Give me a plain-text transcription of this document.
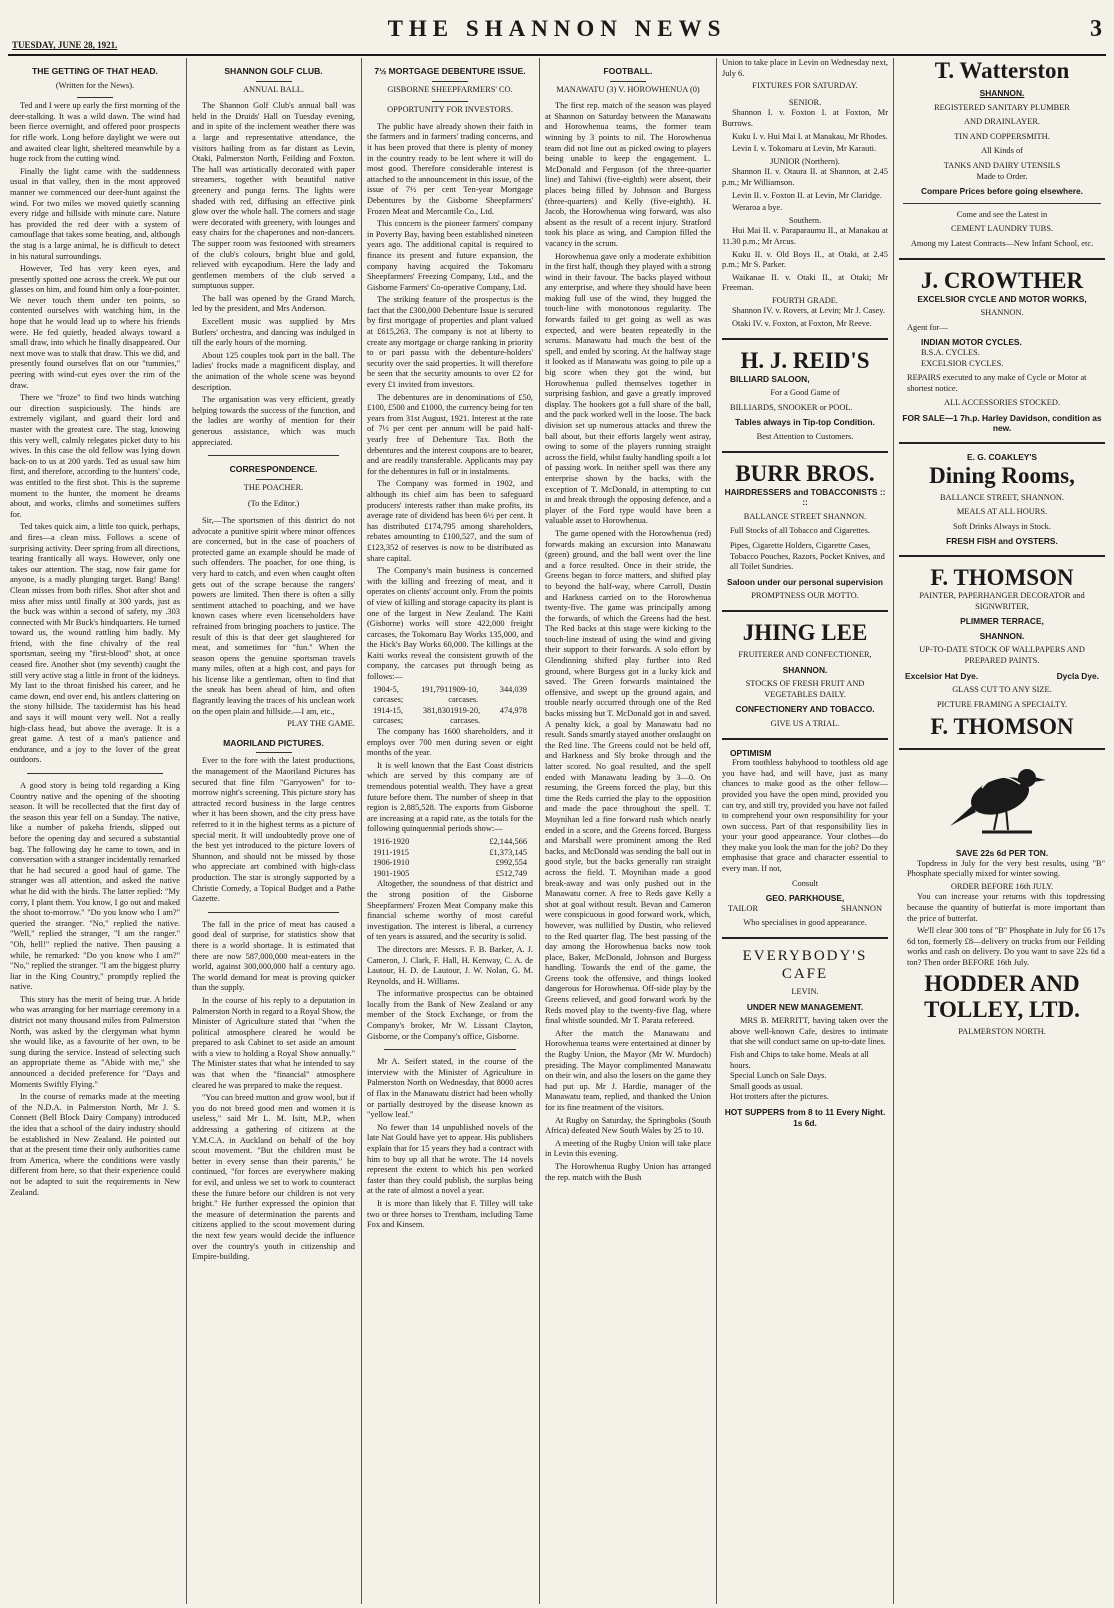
TUESDAY, JUNE 28, 1921.
THE SHANNON NEWS	3
THE GETTING OF THAT HEAD.
(Written for the News).

Ted and I were up early the first morning of the deer-stalking. It was a wild dawn. The wind had been fierce overnight, and offered poor prospects for rifle work. Long before daylight we were out and awaited clear light, sheltered meanwhile by a huge rock from the cutting wind.

Finally the light came with the suddenness usual in that valley, then in the most approved manner we commenced our deer-hunt against the wind. For two miles we moved quietly scanning every ridge and hillside with minute care. Nature has provided the red deer with a system of camouflage that takes some beating, and, although the stag is a large animal, he is difficult to detect in his natural surroundings.

However, Ted has very keen eyes, and presently spotted one across the creek. We put our glasses on him, and found him only a four-pointer. We never touch them under ten points, so contented ourselves with watching him, in the hope that he would lead up to where his friends were. He fed quietly, headed always toward a small draw, into which he finally disappeared. Our next move was to stalk that draw. This we did, and presently found ourselves flat on our "tummies," peering with wind-cut eyes over the rim of the draw.

There we "froze" to find two hinds watching our direction suspiciously. The hinds are extremely vigilant, and guard their lord and master with the greatest care. The stag, knowing this very well, calmly relegates picket duty to his wives. In this case the old fellow was lying down back-on to us at 200 yards. Ted as usual saw him first, and therefore, according to the hunters' code, was entitled to the first shot. This is the supreme moment to the hunter, the moment he dreams about, and works, climbs and sometimes suffers for.

Ted takes quick aim, a little too quick, perhaps, and fires—a clean miss. Follows a scene of surprising activity. Deer spring from all directions, tearing frantically all ways. However, only one takes our attention. The stag, now fair game for anyone, is a madly plunging target. Bang! Bang! Clean misses from both rifles. Shot after shot and miss after miss until finally at 300 yards, just as the buck was within a second of safety, my .303 connected with Mr Buck's hindquarters. He turned toward us, the wound rattling him badly. My friend, with the fine chivalry of the real sportsman, seeing my "first-blood" shot, at once ceased fire. Another shot (my seventh) caught the still very active stag a little in front of the kidneys. My last to the throat finished his career, and he came down, end over end, his antlers clattering on the stony hillside. The taxidermist has his head and says it will mount very well. Not a really high-class head, but above the average. It is a great game. A test of a man's patience and endurance, and a joy to the lover of the great outdoors.

A good story is being told regarding a King Country native and the opening of the shooting season. It will be recollected that the first day of the season this year fell on a Sunday. The native, like a number of pakeha friends, slipped out before the opening day and secured a substantial bag. The following day he came to town, and in conversation with a stranger incidentally remarked that he had secured a good haul of game. The stranger was all attention, and asked the native what he did with the birds. The latter replied: "My corry, I plant them. You know, I go out and maked the shoot to-morrow." "Do you know who I am?" queried the stranger. "No," replied the native. "Well," replied the stranger, "I am the ranger." "Oh, hell!" replied the native. Then pausing a while, he remarked: "Do you know who I am?" "No," replied the stranger. "I am the biggest plurry liar in the King Country," promptly replied the native.

This story has the merit of being true. A bride who was arranging for her marriage ceremony in a district not many thousand miles from Palmerston North, was asked by the clergyman what hymn she would like, as a favourite of her own, to be sung during the service. Instead of selecting such an appropriate theme as "Abide with me," she announced a decided preference for "Days and Moments Swiftly Flying."

In the course of remarks made at the meeting of the N.D.A. in Palmerston North, Mr J. S. Connett (Bell Block Dairy Company) introduced the idea that a school of the dairy industry should be established in New Zealand. He pointed out that at the present time their only authorities came from America, where the conditions were vastly different from here, so that their experience could not be adapted to suit the requirements in New Zealand.

SHANNON GOLF CLUB.
ANNUAL BALL.

The Shannon Golf Club's annual ball was held in the Druids' Hall on Tuesday evening, and in spite of the inclement weather there was a large and representative attendance, the visitors hailing from as far distant as Levin, Otaki, Palmerston North, Feilding and Foxton. The hall was artistically decorated with paper streamers, together with beautiful native greenery and punga ferns. The lights were shaded with red, diffusing an effective pink glow over the whole hall. The corners and stage were decorated with greenery, with lounges and easy chairs for the chaperones and non-dancers. The supper room was festooned with streamers of the club's colours, bright blue and gold, relieved with eycapodium. Here the lady and gentlemen members of the club served a sumptuous supper.

The ball was opened by the Grand March, led by the president, and Mrs Anderson.

Excellent music was supplied by Mrs Butlers' orchestra, and dancing was indulged in till the early hours of the morning.

About 125 couples took part in the ball. The ladies' frocks made a magnificent display, and the animation of the whole scene was beyond description.

The organisation was very efficient, greatly helping towards the success of the function, and the ladies are worthy of mention for their generous assistance, which was much appreciated.

CORRESPONDENCE.
THE POACHER.
(To the Editor.)

Sir,—The sportsmen of this district do not advocate a punitive spirit where minor offences are concerned, but in the case of poachers of protected game an example should be made of such offenders. The poacher, for one thing, is very hard to catch, and even when caught often gets out of the scrape because the rangers' powers are limited. Then there is often a silly sentiment attached to poaching, and we have known cases where even licenseholders have refrained from bringing poachers to justice. The result of this is that deer get slaughtered for meat, and sometimes for "fun." When the season opens the genuine sportsman travels many miles, often at a high cost, and pays for his license like a gentleman, often to find that the sneak has been ahead of him, and often flagrantly leaving the traces of his unclean work on the open plain and hillside.—I am, etc.,

PLAY THE GAME.

MAORILAND PICTURES.

Ever to the fore with the latest productions, the management of the Maoriland Pictures has secured that fine film "Garryowen" for to-morrow night's screening. This picture story has attracted record business in the large centres wher it has been shown, and the city press have referred to it in the highest terms as a picture of special merit. It will undoubtedly prove one of the best yet introduced to the picture lovers of Shannon, and should not be missed by those who appreciate art combined with high-class production. The star is strongly supported by a Christie Comedy, a Topical Budget and a Pathe Gazette.

The fall in the price of meat has caused a good deal of surprise, for statistics show that there is a world shortage. It is estimated that there are now 587,000,000 meat-eaters in the world, against 300,000,000 half a century ago. The world demand for meat is proving quicker than the supply.

In the course of his reply to a deputation in Palmerston North in regard to a Royal Show, the Minister of Agriculture stated that "when the political atmosphere cleared he would be prepared to ask Cabinet to set aside an amount with a view to holding a Royal Show annually." The Minister states that what he intended to say was that when the "financial" atmosphere cleared he was prepared to make the request.

"You can breed mutton and grow wool, but if you do not breed good men and women it is useless," said Mr L. M. Isitt, M.P., when addressing a gathering of citizens at the Y.M.C.A. in Auckland on behalf of the boy scout movement. "But the children must be better in every sense than their parents," he continued, "for forces are everywhere making for evil, and unless we set to work to counteract these the future before our children is not very bright." He further expressed the opinion that the measure of determination the parents and citizens applied to the scout movement during the next few years would decide the influence over the country's youth in citizenship and Empire-building.

7½ MORTGAGE DEBENTURE ISSUE.
GISBORNE SHEEPFARMERS' CO.
OPPORTUNITY FOR INVESTORS.

The public have already shown their faith in the farmers and in farmers' trading concerns, and it has been proved that there is plenty of money in the country ready to be lent where it will do most good. Therefore considerable interest is attached to the announcement in this issue, of the issue of 7½ per cent Ten-year Mortgage Debentures by the Gisborne Sheepfarmers' Frozen Meat and Mercantile Co., Ltd.

This concern is the pioneer farmers' company in Poverty Bay, having been established nineteen years ago. The additional capital is required to finance its present and future expansion, the company having acquired the Tokomaru Sheepfarmers' Freezing Company, Ltd., and the Gisborne Farmers' Co-operative Company, Ltd.

The striking feature of the prospectus is the fact that the £300,000 Debenture Issue is secured by first mortgage of properties and plant valued at £615,263. The company is not at liberty to create any mortgage or charge ranking in priority to or pari passu with the debenture-holders' security over the said properties. It will therefore be seen that the security amounts to over £2 for every £1 invited from investors.

The debentures are in denominations of £50, £100, £500 and £1000, the currency being for ten years from 31st August, 1921. Interest at the rate of 7½ per cent per annum will be paid half-yearly free of Debenture Tax. Both the debentures and the interest coupons are to bearer, and are readily transferable. Applicants may pay for the debentures in full or in instalments.

The Company was formed in 1902, and although its chief aim has been to safeguard producers' interests rather than make profits, its average rate of dividend has been 6½ per cent. It has distributed £174,795 among shareholders, rebates amounting to £100,527, and the sum of £123,352 of reserves is now to be distributed as share capital.

The Company's main business is concerned with the killing and freezing of meat, and it operates on clients' account only. From the points of view of killing and storage capacity its plant is one of the largest in New Zealand. The Kaiti (Gisborne) works will store 422,000 freight carcases, the Tokomaru Bay Works 135,000, and the Hick's Bay Works 60,000. The killings at the Kaiti works reveal the consistent growth of the company, the carcases put through being as follows:—

1904-5, 191,791 carcases;
1909-10, 344,039 carcases.
1914-15, 381,830 carcases;
1919-20, 474,978 carcases.

The company has 1600 shareholders, and it employs over 700 men during seven or eight months of the year.

It is well known that the East Coast districts which are served by this company are of tremendous potential wealth. They have a great future before them. The number of sheep in that region is 2,885,528. The exports from Gisborne are increasing at a rapid rate, as the totals for the following quinquennial periods show:—

1916-1920	£2,144,566
1911-1915	£1,373,145
1906-1910	£992,554
1901-1905	£512,749

Altogether, the soundness of that district and the strong position of the Gisborne Sheepfarmers' Frozen Meat Company make this financial scheme worthy of most careful investigation. The interest is liberal, a currency of ten years is assured, and the security is solid.

The directors are: Messrs. F. B. Barker, A. J. Cameron, J. Clark, F. Hall, H. Kenway, C. A. de Lautour, H. D. de Lautour, J. W. Nolan, G. M. Reynolds, and H. Williams.

The informative prospectus can be obtained locally from the Bank of New Zealand or any member of the Stock Exchange, or from the Company's broker, Mr W. Lissant Clayton, Gisborne, or the Company's office, Gisborne.

Mr A. Seifert stated, in the course of the interview with the Minister of Agriculture in Palmerston North on Wednesday, that 8000 acres of flax in the Manawatu district had been wholly or partially destroyed by the disease known as "yellow leaf."

No fewer than 14 unpublished novels of the late Nat Gould have yet to appear. His publishers explain that for 15 years they had a contract with him to buy up all that he wrote. The 14 novels represent the extent to which his pen worked faster than they could publish, the surplus being at the rate of almost a novel a year.

It is more than likely that F. Tilley will take two or three horses to Trentham, including Tame Fox and Kinsem.

FOOTBALL.
MANAWATU (3) V. HOROWHENUA (0)

The first rep. match of the season was played at Shannon on Saturday between the Manawatu and Horowhenua teams, the former team winning by 3 points to nil. The Horowhenua team did not line out as picked owing to players being unable to keep the engagement. L. McDonald and Ferguson (of the three-quarter line) and Tahiwi (five-eighth) were absent, their places being filled by Johnson and Burgess (three-quarters) and Kelly (five-eighth). H. Jacob, the Horowhenua wing forward, was also absent as the result of a recent injury. Stratford took his place as wing, and Campion filled the vacancy in the scrum.

Horowhenua gave only a moderate exhibition in the first half, though they played with a strong wind in their favour. The backs played without any enterprise, and where they should have been making full use of the wind, they hugged the touch-line with monotonous regularity. The forwards failed to get going as well as was expected, and were beaten repeatedly in the scrums. Manawatu had much the best of the spell, and ended by scoring. At the halfway stage it looked as if Manawatu was going to pile up a big score when they got the wind, but Horowhenua pulled themselves together in surprising fashion, and gave a greatly improved display. The hookers got a full share of the ball, and the pack worked well in the loose. The back division set up numerous attacks and threw the ball about, but their efforts largely went astray, owing to some of the players running straight across the field, whilst faulty handling spoilt a lot of passing work. In neither spell was there any enterprise shown by the backs, with the exception of T. McDonald, in attempting to cut in and break through the opposing defence, and a player of the Ford type would have been a valuable asset to Horowhenua.

The game opened with the Horowhenua (red) forwards making an excursion into Manawatu (green) ground, and the ball went over the line and a force resulted. Once in their stride, the Greens began to force matters, and shifted play to beyond the half-way, where Carroll, Dustin and Harkness carried on to the Horowhenua twenty-five. The game was principally among the forwards, of which the Greens had the best. The Red backs at this stage were kicking to the touch-line instead of using the wind and giving their support to their forwards. A solo effort by Glendinning shifted play further into Red ground, where Burgess got in a lucky kick and saved. The Green forwards maintained the offensive, and swept up the ground again, and trouble nearly occurred through one of the Red backs missing but T. McDonald got in and saved. A penalty kick, a goal by Manawatu had no result. Sands smartly stayed another onslaught on the Red line. The Greens could not be held off, and Harkness and Sly broke through and the latter scored. No goal resulted, and the spell ended with Manawatu leading by 3—0. On resuming, the Greens forced the play, but this time the Reds carried the play to the opposition and made the pace throughout the spell. T. Moynihan led a fine forward rush which nearly ended in a score, and the Greens forced. Burgess and Marshall were prominent among the Red backs, and McDonald was sending the ball out in good style, but the backs generally ran straight across the field. T. Moynihan made a good break-away and was only pushed out in the Manawatu corner. A free to Reds gave Kelly a shot at goal without result. Bevan and Cameron were conspicuous in good forward work, which, however, was nullified by Dustin, who relieved to the Red quarter flag. The best passing of the day among the Horowhenua backs now took place, Baker, McDonald, Johnson and Burgess handling. Towards the end of the game, the Greens took the offensive, and things looked dangerous for Horowhenua. Off-side play by the Greens relieved, and good forward work by the Reds moved play to the twenty-five flag, where final whistle sounded. Mr T. Parata refereed.

After the match the Manawatu and Horowhenua teams were entertained at dinner by the Rugby Union, the Mayor (Mr W. Murdoch) presiding. The Mayor complimented Manawatu on their win, and also the losers on the game they had put up. Mr J. Hardie, manager of the Manawatu team, replied, and thanked the Union for its fine treatment of the visitors.

At Rugby on Saturday, the Springboks (South Africa) defeated New South Wales by 25 to 10.

A meeting of the Rugby Union will take place in Levin this evening.

The Horowhenua Rugby Union has arranged the rep. match with the Bush

Union to take place in Levin on Wednesday next, July 6.

FIXTURES FOR SATURDAY.
SENIOR.

Shannon I. v. Foxton I. at Foxton, Mr Burrows.

Kuku I. v. Hui Mai I. at Manakau, Mr Rhodes.

Levin I. v. Tokomaru at Levin, Mr Karauti.

JUNIOR (Northern).

Shannon II. v. Otaura II. at Shannon, at 2.45 p.m.; Mr Williamson.

Levin II. v. Foxton II. at Levin, Mr Claridge.

Weraroa a bye.

Southern.

Hui Mai II. v. Paraparaumu II., at Manakau at 11.30 p.m.; Mr Arcus.

Kuku II. v. Old Boys II., at Otaki, at 2.45 p.m.; Mr S. Parker.

Waikanae II. v. Otaki II., at Otaki; Mr Freeman.

FOURTH GRADE.

Shannon IV. v. Rovers, at Levin; Mr J. Casey.

Otaki IV. v. Foxton, at Foxton, Mr Reeve.

H. J. REID'S
BILLIARD SALOON,
For a Good Game of
BILLIARDS, SNOOKER or POOL.
Tables always in Tip-top Condition.
Best Attention to Customers.
BURR BROS.
HAIRDRESSERS and TOBACCONISTS :: ::
BALLANCE STREET SHANNON.
Full Stocks of all Tobacco and Cigarettes.
Pipes, Cigarette Holders, Cigarette Cases, Tobacco Pouches, Razors, Pocket Knives, and all Toilet Sundries.
Saloon under our personal supervision
PROMPTNESS OUR MOTTO.
JHING LEE
FRUITERER AND CONFECTIONER,
SHANNON.
STOCKS OF FRESH FRUIT AND VEGETABLES DAILY.
CONFECTIONERY AND TOBACCO.
GIVE US A TRIAL.
OPTIMISM

From toothless babyhood to toothless old age you have had, and will have, just as many chances to make good as the other fellow—provided you have the open mind, provided you can try, and still try, provided you have not failed to comprehend your own responsibility for your own success. Part of that responsibility lies in your your good appearance. Your clothes—do they make you look the man for the job? Do they emphasise that grace and character essential to every man. If not,

Consult
GEO. PARKHOUSE,
TAILOR	SHANNON
Who specialises in good appearance.
EVERYBODY'S CAFE
LEVIN.
UNDER NEW MANAGEMENT.

MRS B. MERRITT, having taken over the above well-known Cafe, desires to intimate that she will conduct same on up-to-date lines.

Fish and Chips to take home. Meals at all hours.
Special Lunch on Sale Days.
Small goods as usual.
Hot trotters after the pictures.
HOT SUPPERS from 8 to 11 Every Night. 1s 6d.
T. Watterston
SHANNON.
REGISTERED SANITARY PLUMBER
AND DRAINLAYER.
TIN AND COPPERSMITH.
All Kinds of
TANKS AND DAIRY UTENSILS
Made to Order.
Compare Prices before going elsewhere.
Come and see the Latest in
CEMENT LAUNDRY TUBS.
Among my Latest Contracts—New Infant School, etc.
J. CROWTHER
EXCELSIOR CYCLE AND MOTOR WORKS,
SHANNON.
Agent for—
INDIAN MOTOR CYCLES.
B.S.A. CYCLES.
EXCELSIOR CYCLES.
REPAIRS executed to any make of Cycle or Motor at shortest notice.
ALL ACCESSORIES STOCKED.
FOR SALE—1 7h.p. Harley Davidson, condition as new.
E. G. COAKLEY'S
Dining Rooms,
BALLANCE STREET, SHANNON.
MEALS AT ALL HOURS.
Soft Drinks Always in Stock.
FRESH FISH and OYSTERS.
F. THOMSON
PAINTER, PAPERHANGER DECORATOR and SIGNWRITER,
PLIMMER TERRACE,
SHANNON.
UP-TO-DATE STOCK OF WALLPAPERS AND PREPARED PAINTS.
Excelsior Hat Dye.	Dycla Dye.
GLASS CUT TO ANY SIZE.
PICTURE FRAMING A SPECIALTY.
F. THOMSON
SAVE 22s 6d PER TON.

Topdress in July for the very best results, using "B" Phosphate specially mixed for winter sowing.

ORDER BEFORE 16th JULY.

You can increase your returns with this topdressing because the quantity of butterfat is more important than the price of butterfat.

We'll clear 300 tons of "B" Phosphate in July for £6 17s 6d ton, formerly £8—delivery on trucks from our Feilding works and cash on delivery. Do you want to save 22s 6d a ton? Then order BEFORE 16th July.

HODDER AND TOLLEY, LTD.
PALMERSTON NORTH.
